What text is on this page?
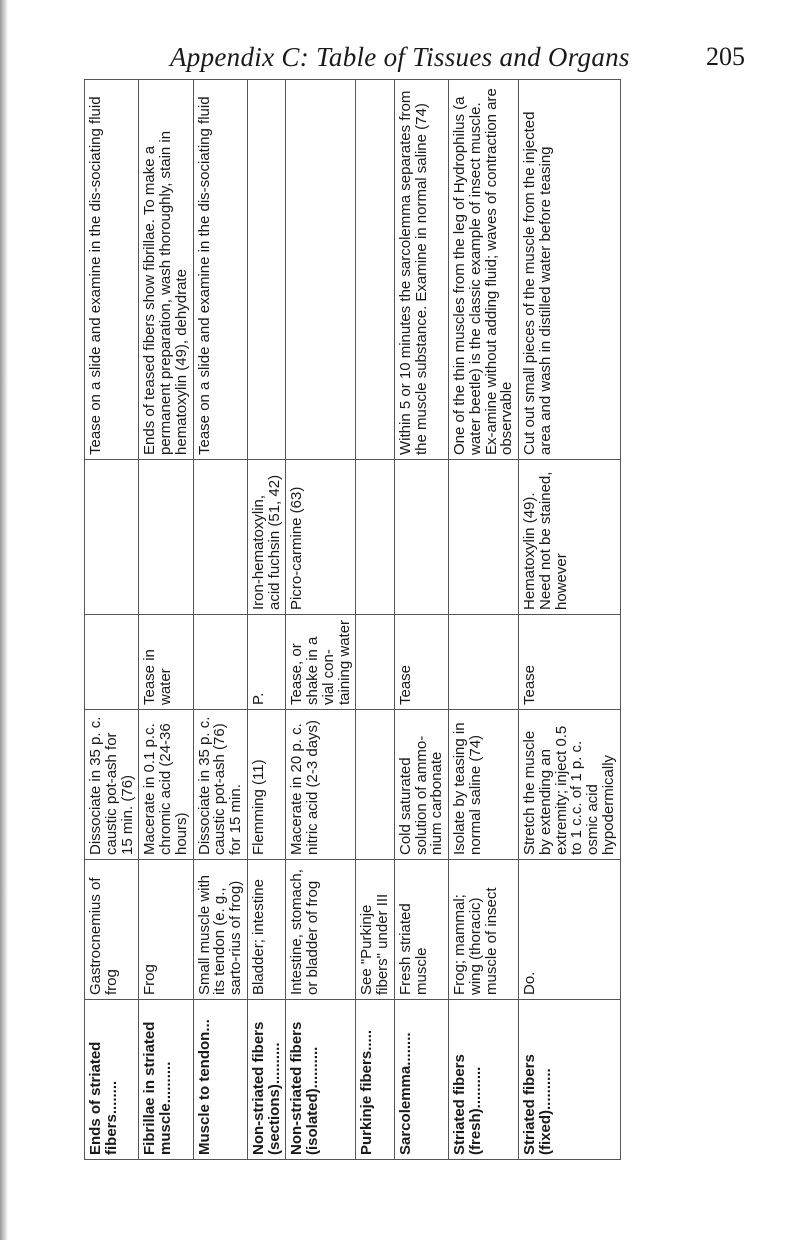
Appendix C: Table of Tissues and Organs	205
Ends of striated fibers........	Gastrocnemius of frog	Dissociate in 35 p. c. caustic pot-ash for 15 min. (76)			Tease on a slide and examine in the dis-sociating fluid
Fibrillae in striated muscle..........	Frog	Macerate in 0.1 p.c. chromic acid (24-36 hours)	Tease in water		Ends of teased fibers show fibrillae. To make a permanent preparation, wash thoroughly, stain in hematoxylin (49), dehydrate
Muscle to tendon...	Small muscle with its tendon (e. g., sarto-rius of frog)	Dissociate in 35 p. c. caustic pot-ash (76) for 15 min.			Tease on a slide and examine in the dis-sociating fluid
Non-striated fibers (sections)..........	Bladder; intestine	Flemming (11)	P.	Iron-hematoxylin, acid fuchsin (51, 42)	
Non-striated fibers (isolated)..........	Intestine, stomach, or bladder of frog	Macerate in 20 p. c. nitric acid (2-3 days)	Tease, or shake in a vial con-taining water	Picro-carmine (63)	
Purkinje fibers.....	See "Purkinje fibers" under III				
Sarcolemma........	Fresh striated muscle	Cold saturated solution of ammo-nium carbonate	Tease		Within 5 or 10 minutes the sarcolemma separates from the muscle substance. Examine in normal saline (74)
Striated fibers (fresh)..........	Frog; mammal; wing (thoracic) muscle of insect	Isolate by teasing in normal saline (74)			One of the thin muscles from the leg of Hydrophilus (a water beetle) is the classic example of insect muscle. Ex-amine without adding fluid; waves of contraction are observable
Striated fibers (fixed)..........	Do.	Stretch the muscle by extending an extremity; inject 0.5 to 1 c.c. of 1 p. c. osmic acid hypodermically	Tease	Hematoxylin (49). Need not be stained, however	Cut out small pieces of the muscle from the injected area and wash in distilled water before teasing
